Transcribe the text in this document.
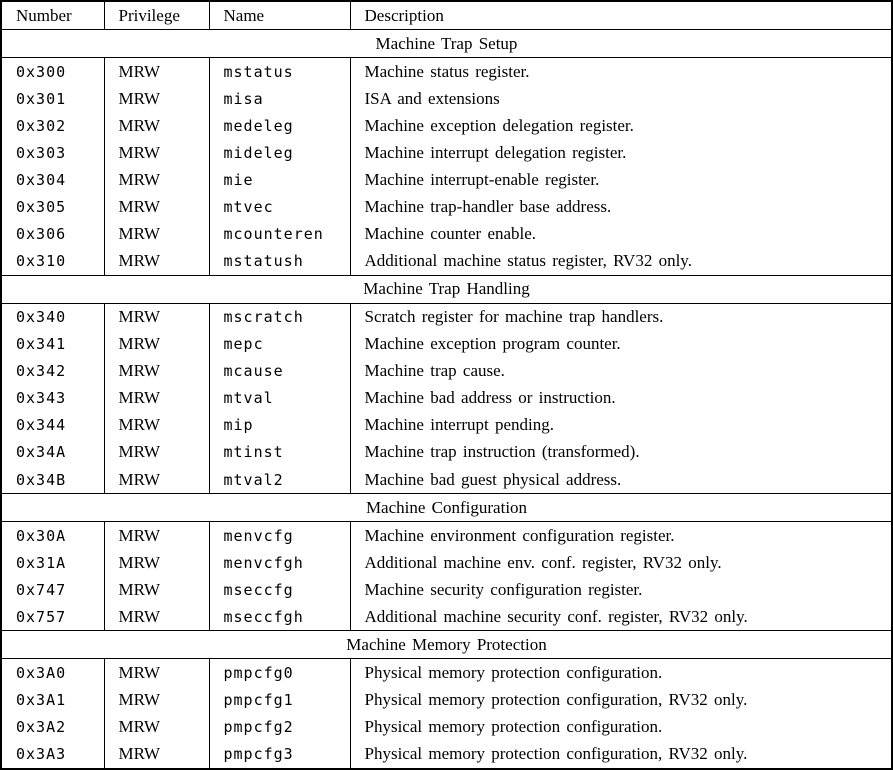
Number	Privilege	Name	Description
Machine Trap Setup			
0x300	MRW	mstatus	Machine status register.
0x301	MRW	misa	ISA and extensions
0x302	MRW	medeleg	Machine exception delegation register.
0x303	MRW	mideleg	Machine interrupt delegation register.
0x304	MRW	mie	Machine interrupt-enable register.
0x305	MRW	mtvec	Machine trap-handler base address.
0x306	MRW	mcounteren	Machine counter enable.
0x310	MRW	mstatush	Additional machine status register, RV32 only.
Machine Trap Handling			
0x340	MRW	mscratch	Scratch register for machine trap handlers.
0x341	MRW	mepc	Machine exception program counter.
0x342	MRW	mcause	Machine trap cause.
0x343	MRW	mtval	Machine bad address or instruction.
0x344	MRW	mip	Machine interrupt pending.
0x34A	MRW	mtinst	Machine trap instruction (transformed).
0x34B	MRW	mtval2	Machine bad guest physical address.
Machine Configuration			
0x30A	MRW	menvcfg	Machine environment configuration register.
0x31A	MRW	menvcfgh	Additional machine env. conf. register, RV32 only.
0x747	MRW	mseccfg	Machine security configuration register.
0x757	MRW	mseccfgh	Additional machine security conf. register, RV32 only.
Machine Memory Protection			
0x3A0	MRW	pmpcfg0	Physical memory protection configuration.
0x3A1	MRW	pmpcfg1	Physical memory protection configuration, RV32 only.
0x3A2	MRW	pmpcfg2	Physical memory protection configuration.
0x3A3	MRW	pmpcfg3	Physical memory protection configuration, RV32 only.
